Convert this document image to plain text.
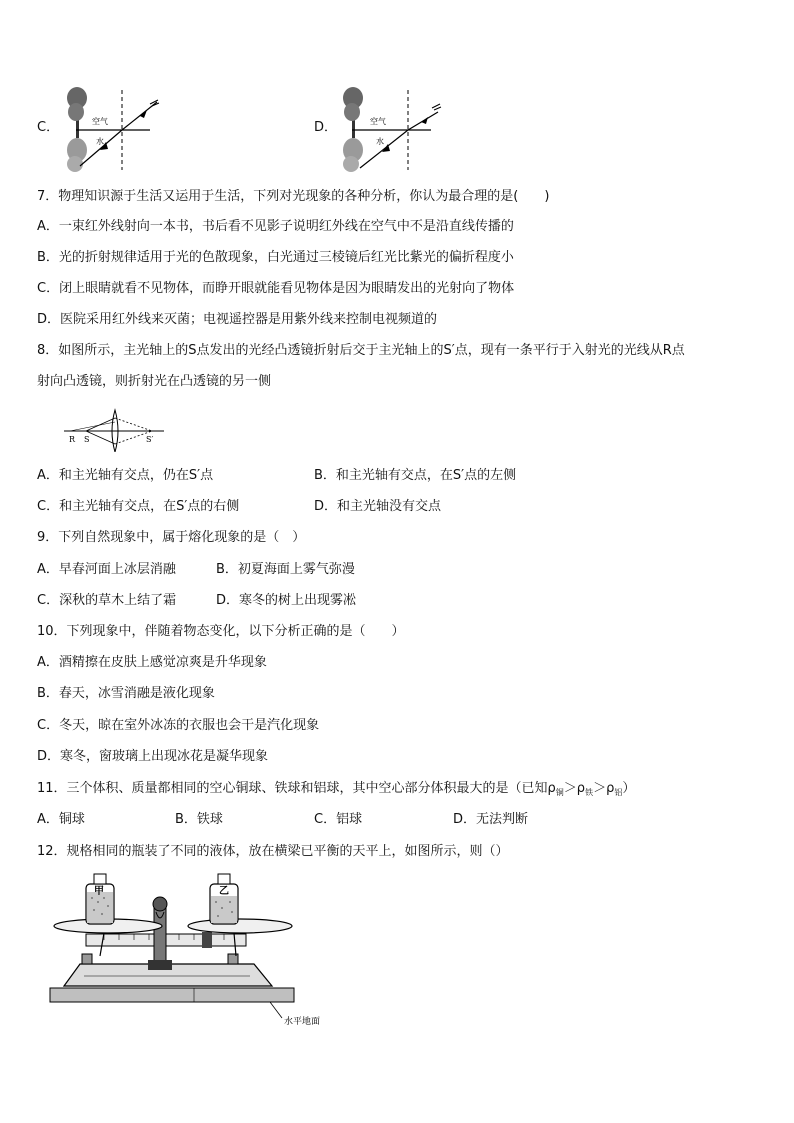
C．	空气
水
D．	空气
水
7．物理知识源于生活又运用于生活，下列对光现象的各种分析，你认为最合理的是(　　)
A．一束红外线射向一本书，书后看不见影子说明红外线在空气中不是沿直线传播的
B．光的折射规律适用于光的色散现象，白光通过三棱镜后红光比紫光的偏折程度小
C．闭上眼睛就看不见物体，而睁开眼就能看见物体是因为眼睛发出的光射向了物体
D．医院采用红外线来灭菌；电视遥控器是用紫外线来控制电视频道的
8．如图所示，主光轴上的S点发出的光经凸透镜折射后交于主光轴上的S′点，现有一条平行于入射光的光线从R点
射向凸透镜，则折射光在凸透镜的另一侧
R S	S′
A．和主光轴有交点，仍在S′点	B．和主光轴有交点，在S′点的左侧
C．和主光轴有交点，在S′点的右侧	D．和主光轴没有交点
9．下列自然现象中，属于熔化现象的是（　）
A．早春河面上冰层消融	B．初夏海面上雾气弥漫
C．深秋的草木上结了霜	D．寒冬的树上出现雾凇
10．下列现象中，伴随着物态变化，以下分析正确的是（　　）
A．酒精擦在皮肤上感觉凉爽是升华现象
B．春天，冰雪消融是液化现象
C．冬天，晾在室外冰冻的衣服也会干是汽化现象
D．寒冬，窗玻璃上出现冰花是凝华现象
11．三个体积、质量都相同的空心铜球、铁球和铝球，其中空心部分体积最大的是（已知$\rho_铜>\rho_铁>\rho_铝$）
A．铜球	B．铁球	C．铝球	D．无法判断
12．规格相同的瓶装了不同的液体，放在横梁已平衡的天平上，如图所示，则（）
甲	乙
水平地面
